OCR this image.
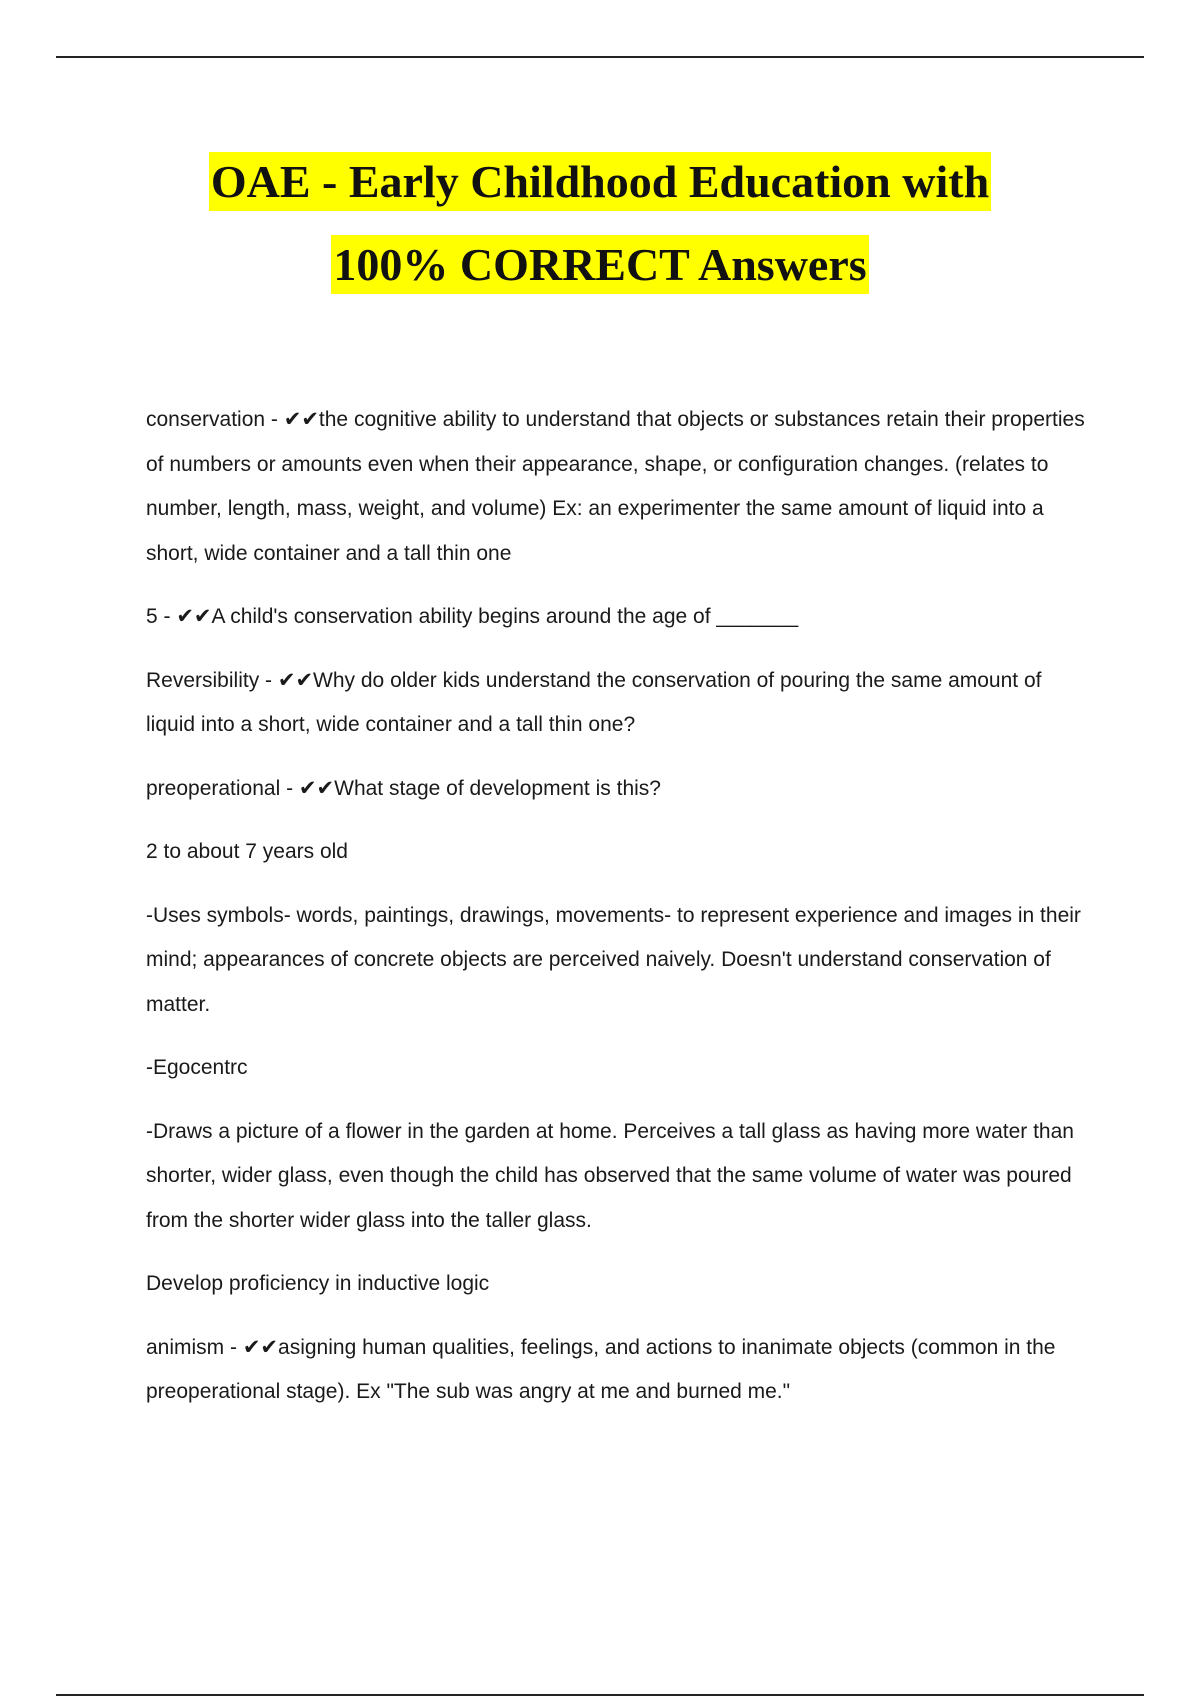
OAE - Early Childhood Education with
100% CORRECT Answers

conservation - ✔✔the cognitive ability to understand that objects or substances retain their properties of numbers or amounts even when their appearance, shape, or configuration changes. (relates to number, length, mass, weight, and volume) Ex: an experimenter the same amount of liquid into a short, wide container and a tall thin one

5 - ✔✔A child's conservation ability begins around the age of _______

Reversibility - ✔✔Why do older kids understand the conservation of pouring the same amount of liquid into a short, wide container and a tall thin one?

preoperational - ✔✔What stage of development is this?

2 to about 7 years old

-Uses symbols- words, paintings, drawings, movements- to represent experience and images in their mind; appearances of concrete objects are perceived naively. Doesn't understand conservation of matter.

-Egocentrc

-Draws a picture of a flower in the garden at home. Perceives a tall glass as having more water than shorter, wider glass, even though the child has observed that the same volume of water was poured from the shorter wider glass into the taller glass.

Develop proficiency in inductive logic

animism - ✔✔asigning human qualities, feelings, and actions to inanimate objects (common in the preoperational stage). Ex "The sub was angry at me and burned me."
